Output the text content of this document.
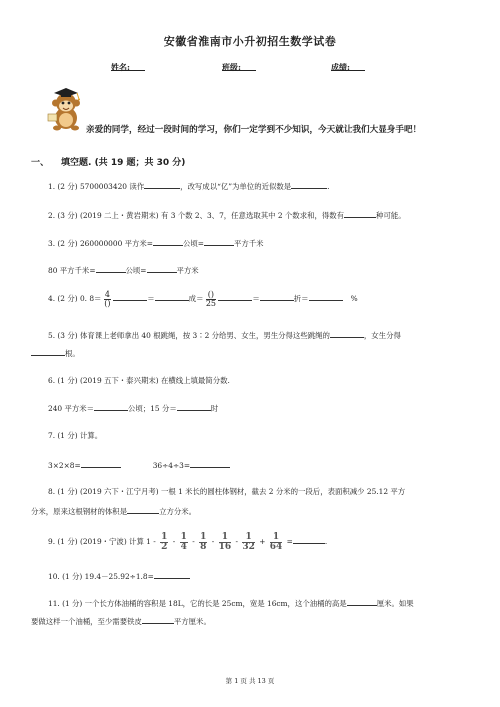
安徽省淮南市小升初招生数学试卷
姓名:	班级:	成绩:
亲爱的同学，经过一段时间的学习，你们一定学到不少知识，今天就让我们大显身手吧！
一、 填空题. (共 19 题；共 30 分)
1. (2 分) 5700003420 读作	，改写成以“亿”为单位的近似数是	.
2. (3 分) (2019 二上・黄岩期末) 有 3 个数 2、3、7，任意选取其中 2 个数求和，得数有	种可能。
3. (2 分) 260000000 平方米=	公顷=	平方千米
80 平方千米=	公顷=	平方米
4. (2 分) 0. $8= \frac{4}{()}$	＝	成＝ $\frac{()}{25}$	＝	折＝	%
5. (3 分) 体育课上老师拿出 40 根跳绳，按 3∶2 分给男、女生，男生分得这些跳绳的	，女生分得
根。
6. (1 分) (2019 五下・泰兴期末) 在横线上填最简分数.
240 平方米＝	公顷；15 分＝	时
7. (1 分) 计算。
3×2×8=	36÷4÷3=
8. (1 分) (2019 六下・江宁月考) 一根 1 米长的圆柱体钢材，截去 2 分米的一段后，表面积减少 25.12 平方
分米，原来这根钢材的体积是	立方分米。
9. (1 分) (2019・宁波) 计算 $1 - \frac{1}{2} - \frac{1}{4} - \frac{1}{8} - \frac{1}{16} - \frac{1}{32} + \frac{1}{64}$ =	.
10. (1 分) 19.4－25.92÷1.8=
11. (1 分) 一个长方体油桶的容积是 18L，它的长是 25cm，宽是 16cm，这个油桶的高是	厘米。如果
要做这样一个油桶，至少需要铁皮	平方厘米。
第 1 页 共 13 页
